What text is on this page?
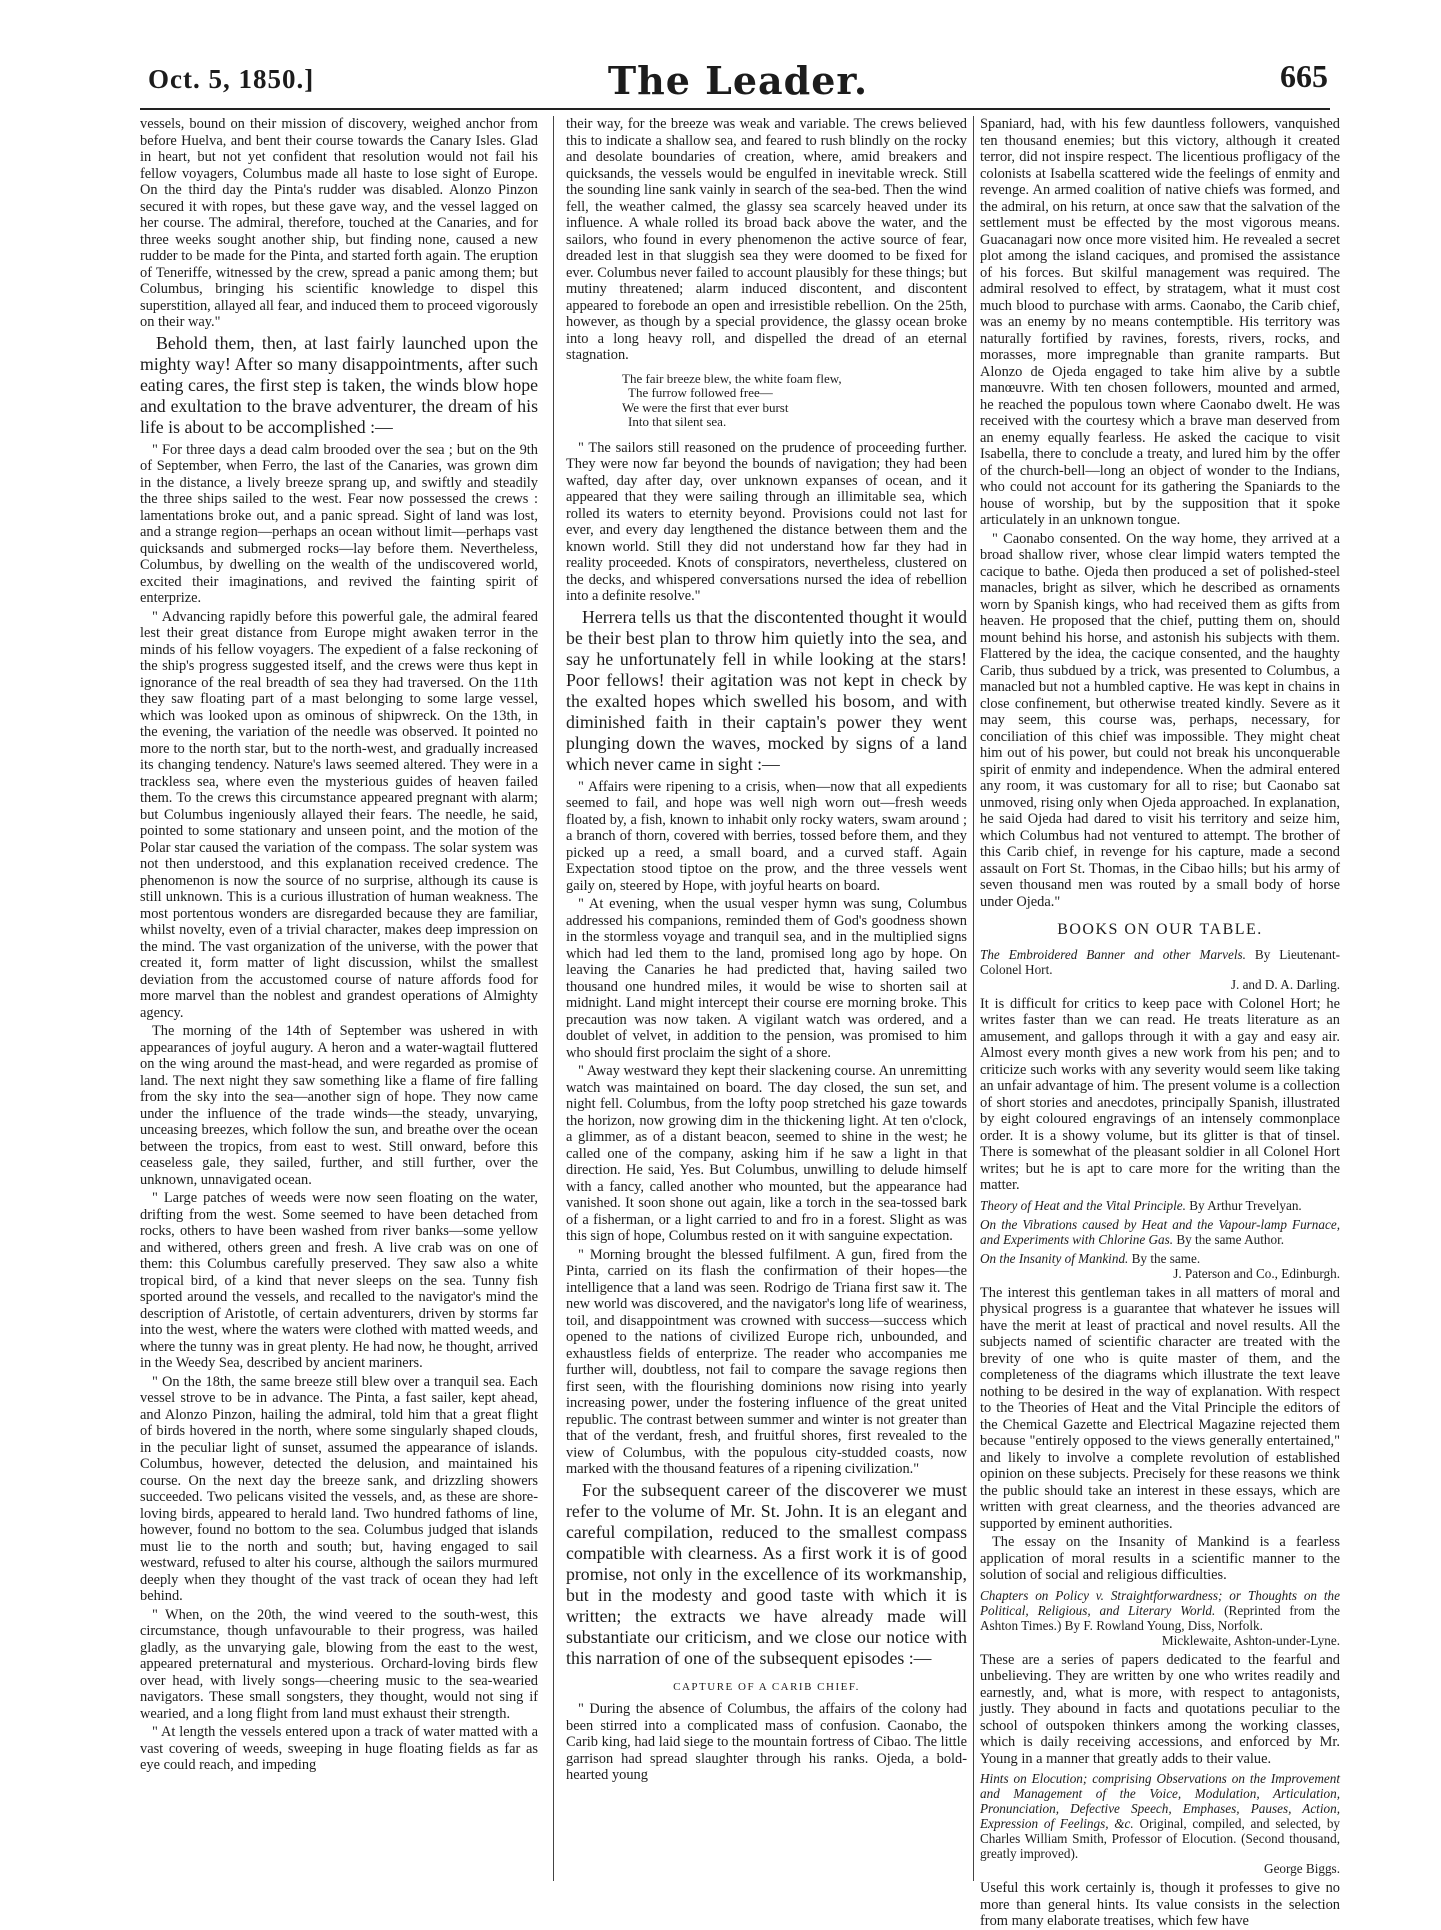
Oct. 5, 1850.]	The Leader.	665

vessels, bound on their mission of discovery, weighed anchor from before Huelva, and bent their course towards the Canary Isles. Glad in heart, but not yet confident that resolution would not fail his fellow voyagers, Columbus made all haste to lose sight of Europe. On the third day the Pinta's rudder was disabled. Alonzo Pinzon secured it with ropes, but these gave way, and the vessel lagged on her course. The admiral, therefore, touched at the Canaries, and for three weeks sought another ship, but finding none, caused a new rudder to be made for the Pinta, and started forth again. The eruption of Teneriffe, witnessed by the crew, spread a panic among them; but Columbus, bringing his scientific knowledge to dispel this superstition, allayed all fear, and induced them to proceed vigorously on their way."

Behold them, then, at last fairly launched upon the mighty way! After so many disappointments, after such eating cares, the first step is taken, the winds blow hope and exultation to the brave adventurer, the dream of his life is about to be accomplished :—

" For three days a dead calm brooded over the sea ; but on the 9th of September, when Ferro, the last of the Canaries, was grown dim in the distance, a lively breeze sprang up, and swiftly and steadily the three ships sailed to the west. Fear now possessed the crews : lamentations broke out, and a panic spread. Sight of land was lost, and a strange region—perhaps an ocean without limit—perhaps vast quicksands and submerged rocks—lay before them. Nevertheless, Columbus, by dwelling on the wealth of the undiscovered world, excited their imaginations, and revived the fainting spirit of enterprize.

" Advancing rapidly before this powerful gale, the admiral feared lest their great distance from Europe might awaken terror in the minds of his fellow voyagers. The expedient of a false reckoning of the ship's progress suggested itself, and the crews were thus kept in ignorance of the real breadth of sea they had traversed. On the 11th they saw floating part of a mast belonging to some large vessel, which was looked upon as ominous of shipwreck. On the 13th, in the evening, the variation of the needle was observed. It pointed no more to the north star, but to the north-west, and gradually increased its changing tendency. Nature's laws seemed altered. They were in a trackless sea, where even the mysterious guides of heaven failed them. To the crews this circumstance appeared pregnant with alarm; but Columbus ingeniously allayed their fears. The needle, he said, pointed to some stationary and unseen point, and the motion of the Polar star caused the variation of the compass. The solar system was not then understood, and this explanation received credence. The phenomenon is now the source of no surprise, although its cause is still unknown. This is a curious illustration of human weakness. The most portentous wonders are disregarded because they are familiar, whilst novelty, even of a trivial character, makes deep impression on the mind. The vast organization of the universe, with the power that created it, form matter of light discussion, whilst the smallest deviation from the accustomed course of nature affords food for more marvel than the noblest and grandest operations of Almighty agency.

The morning of the 14th of September was ushered in with appearances of joyful augury. A heron and a water-wagtail fluttered on the wing around the mast-head, and were regarded as promise of land. The next night they saw something like a flame of fire falling from the sky into the sea—another sign of hope. They now came under the influence of the trade winds—the steady, unvarying, unceasing breezes, which follow the sun, and breathe over the ocean between the tropics, from east to west. Still onward, before this ceaseless gale, they sailed, further, and still further, over the unknown, unnavigated ocean.

" Large patches of weeds were now seen floating on the water, drifting from the west. Some seemed to have been detached from rocks, others to have been washed from river banks—some yellow and withered, others green and fresh. A live crab was on one of them: this Columbus carefully preserved. They saw also a white tropical bird, of a kind that never sleeps on the sea. Tunny fish sported around the vessels, and recalled to the navigator's mind the description of Aristotle, of certain adventurers, driven by storms far into the west, where the waters were clothed with matted weeds, and where the tunny was in great plenty. He had now, he thought, arrived in the Weedy Sea, described by ancient mariners.

" On the 18th, the same breeze still blew over a tranquil sea. Each vessel strove to be in advance. The Pinta, a fast sailer, kept ahead, and Alonzo Pinzon, hailing the admiral, told him that a great flight of birds hovered in the north, where some singularly shaped clouds, in the peculiar light of sunset, assumed the appearance of islands. Columbus, however, detected the delusion, and maintained his course. On the next day the breeze sank, and drizzling showers succeeded. Two pelicans visited the vessels, and, as these are shore-loving birds, appeared to herald land. Two hundred fathoms of line, however, found no bottom to the sea. Columbus judged that islands must lie to the north and south; but, having engaged to sail westward, refused to alter his course, although the sailors murmured deeply when they thought of the vast track of ocean they had left behind.

" When, on the 20th, the wind veered to the south-west, this circumstance, though unfavourable to their progress, was hailed gladly, as the unvarying gale, blowing from the east to the west, appeared preternatural and mysterious. Orchard-loving birds flew over head, with lively songs—cheering music to the sea-wearied navigators. These small songsters, they thought, would not sing if wearied, and a long flight from land must exhaust their strength.

" At length the vessels entered upon a track of water matted with a vast covering of weeds, sweeping in huge floating fields as far as eye could reach, and impeding

their way, for the breeze was weak and variable. The crews believed this to indicate a shallow sea, and feared to rush blindly on the rocky and desolate boundaries of creation, where, amid breakers and quicksands, the vessels would be engulfed in inevitable wreck. Still the sounding line sank vainly in search of the sea-bed. Then the wind fell, the weather calmed, the glassy sea scarcely heaved under its influence. A whale rolled its broad back above the water, and the sailors, who found in every phenomenon the active source of fear, dreaded lest in that sluggish sea they were doomed to be fixed for ever. Columbus never failed to account plausibly for these things; but mutiny threatened; alarm induced discontent, and discontent appeared to forebode an open and irresistible rebellion. On the 25th, however, as though by a special providence, the glassy ocean broke into a long heavy roll, and dispelled the dread of an eternal stagnation.

The fair breeze blew, the white foam flew,
The furrow followed free—
We were the first that ever burst
Into that silent sea.

" The sailors still reasoned on the prudence of proceeding further. They were now far beyond the bounds of navigation; they had been wafted, day after day, over unknown expanses of ocean, and it appeared that they were sailing through an illimitable sea, which rolled its waters to eternity beyond. Provisions could not last for ever, and every day lengthened the distance between them and the known world. Still they did not understand how far they had in reality proceeded. Knots of conspirators, nevertheless, clustered on the decks, and whispered conversations nursed the idea of rebellion into a definite resolve."

Herrera tells us that the discontented thought it would be their best plan to throw him quietly into the sea, and say he unfortunately fell in while looking at the stars! Poor fellows! their agitation was not kept in check by the exalted hopes which swelled his bosom, and with diminished faith in their captain's power they went plunging down the waves, mocked by signs of a land which never came in sight :—

" Affairs were ripening to a crisis, when—now that all expedients seemed to fail, and hope was well nigh worn out—fresh weeds floated by, a fish, known to inhabit only rocky waters, swam around ; a branch of thorn, covered with berries, tossed before them, and they picked up a reed, a small board, and a curved staff. Again Expectation stood tiptoe on the prow, and the three vessels went gaily on, steered by Hope, with joyful hearts on board.

" At evening, when the usual vesper hymn was sung, Columbus addressed his companions, reminded them of God's goodness shown in the stormless voyage and tranquil sea, and in the multiplied signs which had led them to the land, promised long ago by hope. On leaving the Canaries he had predicted that, having sailed two thousand one hundred miles, it would be wise to shorten sail at midnight. Land might intercept their course ere morning broke. This precaution was now taken. A vigilant watch was ordered, and a doublet of velvet, in addition to the pension, was promised to him who should first proclaim the sight of a shore.

" Away westward they kept their slackening course. An unremitting watch was maintained on board. The day closed, the sun set, and night fell. Columbus, from the lofty poop stretched his gaze towards the horizon, now growing dim in the thickening light. At ten o'clock, a glimmer, as of a distant beacon, seemed to shine in the west; he called one of the company, asking him if he saw a light in that direction. He said, Yes. But Columbus, unwilling to delude himself with a fancy, called another who mounted, but the appearance had vanished. It soon shone out again, like a torch in the sea-tossed bark of a fisherman, or a light carried to and fro in a forest. Slight as was this sign of hope, Columbus rested on it with sanguine expectation.

" Morning brought the blessed fulfilment. A gun, fired from the Pinta, carried on its flash the confirmation of their hopes—the intelligence that a land was seen. Rodrigo de Triana first saw it. The new world was discovered, and the navigator's long life of weariness, toil, and disappointment was crowned with success—success which opened to the nations of civilized Europe rich, unbounded, and exhaustless fields of enterprize. The reader who accompanies me further will, doubtless, not fail to compare the savage regions then first seen, with the flourishing dominions now rising into yearly increasing power, under the fostering influence of the great united republic. The contrast between summer and winter is not greater than that of the verdant, fresh, and fruitful shores, first revealed to the view of Columbus, with the populous city-studded coasts, now marked with the thousand features of a ripening civilization."

For the subsequent career of the discoverer we must refer to the volume of Mr. St. John. It is an elegant and careful compilation, reduced to the smallest compass compatible with clearness. As a first work it is of good promise, not only in the excellence of its workmanship, but in the modesty and good taste with which it is written; the extracts we have already made will substantiate our criticism, and we close our notice with this narration of one of the subsequent episodes :—

CAPTURE OF A CARIB CHIEF.

" During the absence of Columbus, the affairs of the colony had been stirred into a complicated mass of confusion. Caonabo, the Carib king, had laid siege to the mountain fortress of Cibao. The little garrison had spread slaughter through his ranks. Ojeda, a bold-hearted young

Spaniard, had, with his few dauntless followers, vanquished ten thousand enemies; but this victory, although it created terror, did not inspire respect. The licentious profligacy of the colonists at Isabella scattered wide the feelings of enmity and revenge. An armed coalition of native chiefs was formed, and the admiral, on his return, at once saw that the salvation of the settlement must be effected by the most vigorous means. Guacanagari now once more visited him. He revealed a secret plot among the island caciques, and promised the assistance of his forces. But skilful management was required. The admiral resolved to effect, by stratagem, what it must cost much blood to purchase with arms. Caonabo, the Carib chief, was an enemy by no means contemptible. His territory was naturally fortified by ravines, forests, rivers, rocks, and morasses, more impregnable than granite ramparts. But Alonzo de Ojeda engaged to take him alive by a subtle manœuvre. With ten chosen followers, mounted and armed, he reached the populous town where Caonabo dwelt. He was received with the courtesy which a brave man deserved from an enemy equally fearless. He asked the cacique to visit Isabella, there to conclude a treaty, and lured him by the offer of the church-bell—long an object of wonder to the Indians, who could not account for its gathering the Spaniards to the house of worship, but by the supposition that it spoke articulately in an unknown tongue.

" Caonabo consented. On the way home, they arrived at a broad shallow river, whose clear limpid waters tempted the cacique to bathe. Ojeda then produced a set of polished-steel manacles, bright as silver, which he described as ornaments worn by Spanish kings, who had received them as gifts from heaven. He proposed that the chief, putting them on, should mount behind his horse, and astonish his subjects with them. Flattered by the idea, the cacique consented, and the haughty Carib, thus subdued by a trick, was presented to Columbus, a manacled but not a humbled captive. He was kept in chains in close confinement, but otherwise treated kindly. Severe as it may seem, this course was, perhaps, necessary, for conciliation of this chief was impossible. They might cheat him out of his power, but could not break his unconquerable spirit of enmity and independence. When the admiral entered any room, it was customary for all to rise; but Caonabo sat unmoved, rising only when Ojeda approached. In explanation, he said Ojeda had dared to visit his territory and seize him, which Columbus had not ventured to attempt. The brother of this Carib chief, in revenge for his capture, made a second assault on Fort St. Thomas, in the Cibao hills; but his army of seven thousand men was routed by a small body of horse under Ojeda."

BOOKS ON OUR TABLE.

The Embroidered Banner and other Marvels. By Lieutenant-Colonel Hort.

J. and D. A. Darling.

It is difficult for critics to keep pace with Colonel Hort; he writes faster than we can read. He treats literature as an amusement, and gallops through it with a gay and easy air. Almost every month gives a new work from his pen; and to criticize such works with any severity would seem like taking an unfair advantage of him. The present volume is a collection of short stories and anecdotes, principally Spanish, illustrated by eight coloured engravings of an intensely commonplace order. It is a showy volume, but its glitter is that of tinsel. There is somewhat of the pleasant soldier in all Colonel Hort writes; but he is apt to care more for the writing than the matter.

Theory of Heat and the Vital Principle. By Arthur Trevelyan.

On the Vibrations caused by Heat and the Vapour-lamp Furnace, and Experiments with Chlorine Gas. By the same Author.

On the Insanity of Mankind. By the same.

J. Paterson and Co., Edinburgh.

The interest this gentleman takes in all matters of moral and physical progress is a guarantee that whatever he issues will have the merit at least of practical and novel results. All the subjects named of scientific character are treated with the brevity of one who is quite master of them, and the completeness of the diagrams which illustrate the text leave nothing to be desired in the way of explanation. With respect to the Theories of Heat and the Vital Principle the editors of the Chemical Gazette and Electrical Magazine rejected them because "entirely opposed to the views generally entertained," and likely to involve a complete revolution of established opinion on these subjects. Precisely for these reasons we think the public should take an interest in these essays, which are written with great clearness, and the theories advanced are supported by eminent authorities.

The essay on the Insanity of Mankind is a fearless application of moral results in a scientific manner to the solution of social and religious difficulties.

Chapters on Policy v. Straightforwardness; or Thoughts on the Political, Religious, and Literary World. (Reprinted from the Ashton Times.) By F. Rowland Young, Diss, Norfolk.

Micklewaite, Ashton-under-Lyne.

These are a series of papers dedicated to the fearful and unbelieving. They are written by one who writes readily and earnestly, and, what is more, with respect to antagonists, justly. They abound in facts and quotations peculiar to the school of outspoken thinkers among the working classes, which is daily receiving accessions, and enforced by Mr. Young in a manner that greatly adds to their value.

Hints on Elocution; comprising Observations on the Improvement and Management of the Voice, Modulation, Articulation, Pronunciation, Defective Speech, Emphases, Pauses, Action, Expression of Feelings, &c. Original, compiled, and selected, by Charles William Smith, Professor of Elocution. (Second thousand, greatly improved).

George Biggs.

Useful this work certainly is, though it professes to give no more than general hints. Its value consists in the selection from many elaborate treatises, which few have
